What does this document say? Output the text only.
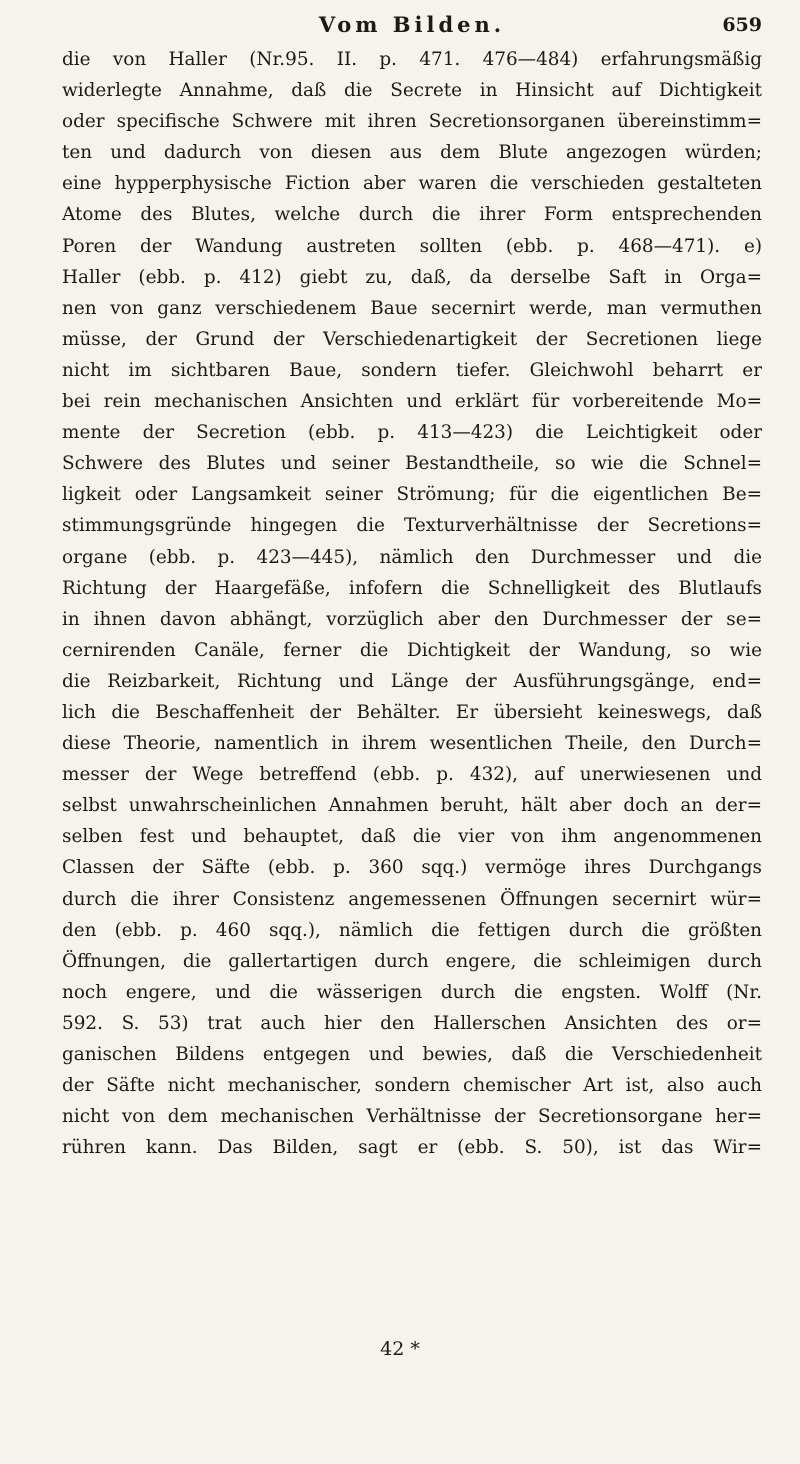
Vom Bilden.	659
die von Haller (Nr.95. II. p. 471. 476—484) erfahrungsmäßig
widerlegte Annahme, daß die Secrete in Hinsicht auf Dichtigkeit
oder specifische Schwere mit ihren Secretionsorganen übereinstimm=
ten und dadurch von diesen aus dem Blute angezogen würden;
eine hypperphysische Fiction aber waren die verschieden gestalteten
Atome des Blutes, welche durch die ihrer Form entsprechenden
Poren der Wandung austreten sollten (ebb. p. 468—471). e)
Haller (ebb. p. 412) giebt zu, daß, da derselbe Saft in Orga=
nen von ganz verschiedenem Baue secernirt werde, man vermuthen
müsse, der Grund der Verschiedenartigkeit der Secretionen liege
nicht im sichtbaren Baue, sondern tiefer. Gleichwohl beharrt er
bei rein mechanischen Ansichten und erklärt für vorbereitende Mo=
mente der Secretion (ebb. p. 413—423) die Leichtigkeit oder
Schwere des Blutes und seiner Bestandtheile, so wie die Schnel=
ligkeit oder Langsamkeit seiner Strömung; für die eigentlichen Be=
stimmungsgründe hingegen die Texturverhältnisse der Secretions=
organe (ebb. p. 423—445), nämlich den Durchmesser und die
Richtung der Haargefäße, infofern die Schnelligkeit des Blutlaufs
in ihnen davon abhängt, vorzüglich aber den Durchmesser der se=
cernirenden Canäle, ferner die Dichtigkeit der Wandung, so wie
die Reizbarkeit, Richtung und Länge der Ausführungsgänge, end=
lich die Beschaffenheit der Behälter. Er übersieht keineswegs, daß
diese Theorie, namentlich in ihrem wesentlichen Theile, den Durch=
messer der Wege betreffend (ebb. p. 432), auf unerwiesenen und
selbst unwahrscheinlichen Annahmen beruht, hält aber doch an der=
selben fest und behauptet, daß die vier von ihm angenommenen
Classen der Säfte (ebb. p. 360 sqq.) vermöge ihres Durchgangs
durch die ihrer Consistenz angemessenen Öffnungen secernirt wür=
den (ebb. p. 460 sqq.), nämlich die fettigen durch die größten
Öffnungen, die gallertartigen durch engere, die schleimigen durch
noch engere, und die wässerigen durch die engsten. Wolff (Nr.
592. S. 53) trat auch hier den Hallerschen Ansichten des or=
ganischen Bildens entgegen und bewies, daß die Verschiedenheit
der Säfte nicht mechanischer, sondern chemischer Art ist, also auch
nicht von dem mechanischen Verhältnisse der Secretionsorgane her=
rühren kann. Das Bilden, sagt er (ebb. S. 50), ist das Wir=
42 *
